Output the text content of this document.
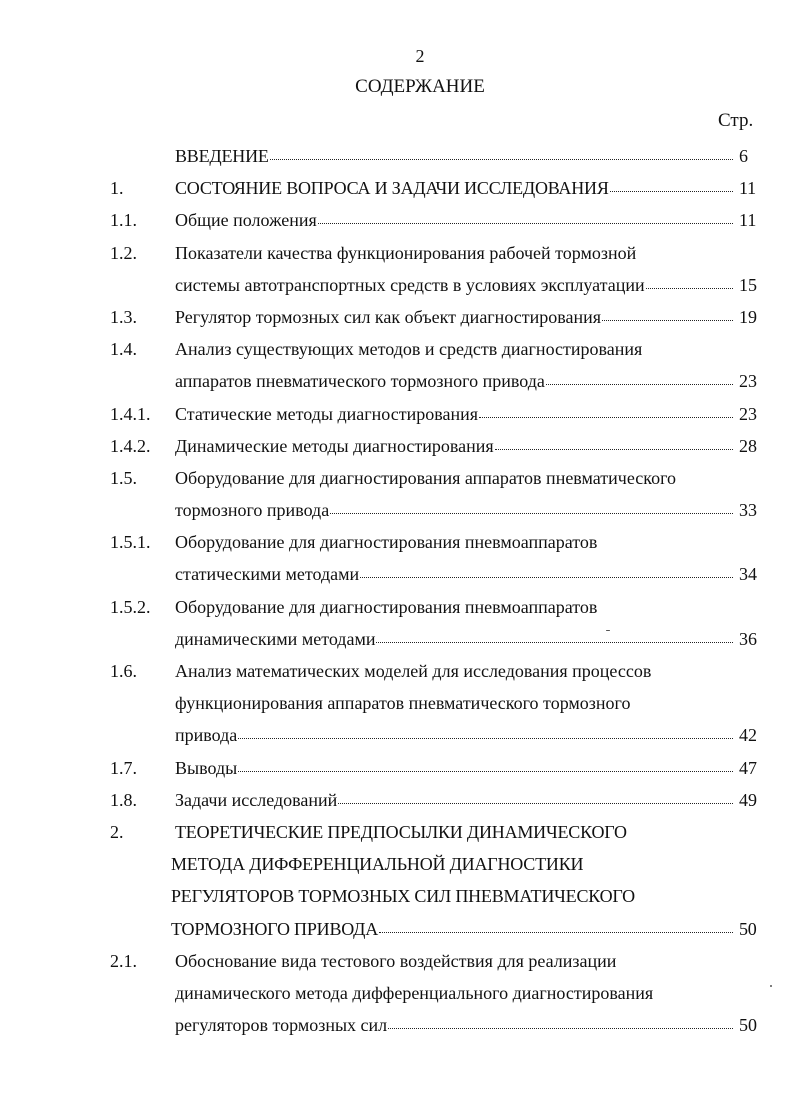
2
СОДЕРЖАНИЕ
Стр.
ВВЕДЕНИЕ	6
1.	СОСТОЯНИЕ ВОПРОСА И ЗАДАЧИ ИССЛЕДОВАНИЯ	11
1.1. Общие положения	11
1.2. Показатели качества функционирования рабочей тормозной
системы автотранспортных средств в условиях эксплуатации	15
1.3. Регулятор тормозных сил как объект диагностирования	19
1.4. Анализ существующих методов и средств диагностирования
аппаратов пневматического тормозного привода	23
1.4.1. Статические методы диагностирования	23
1.4.2. Динамические методы диагностирования	28
1.5. Оборудование для диагностирования аппаратов пневматического
тормозного привода	33
1.5.1. Оборудование для диагностирования пневмоаппаратов
статическими методами	34
1.5.2. Оборудование для диагностирования пневмоаппаратов
динамическими методами	36
1.6. Анализ математических моделей для исследования процессов
функционирования аппаратов пневматического тормозного
привода	42
1.7. Выводы	47
1.8. Задачи исследований	49
2.	ТЕОРЕТИЧЕСКИЕ ПРЕДПОСЫЛКИ ДИНАМИЧЕСКОГО
МЕТОДА ДИФФЕРЕНЦИАЛЬНОЙ ДИАГНОСТИКИ
РЕГУЛЯТОРОВ ТОРМОЗНЫХ СИЛ ПНЕВМАТИЧЕСКОГО
ТОРМОЗНОГО ПРИВОДА	50
2.1. Обоснование вида тестового воздействия для реализации
динамического метода дифференциального диагностирования
регуляторов тормозных сил	50
